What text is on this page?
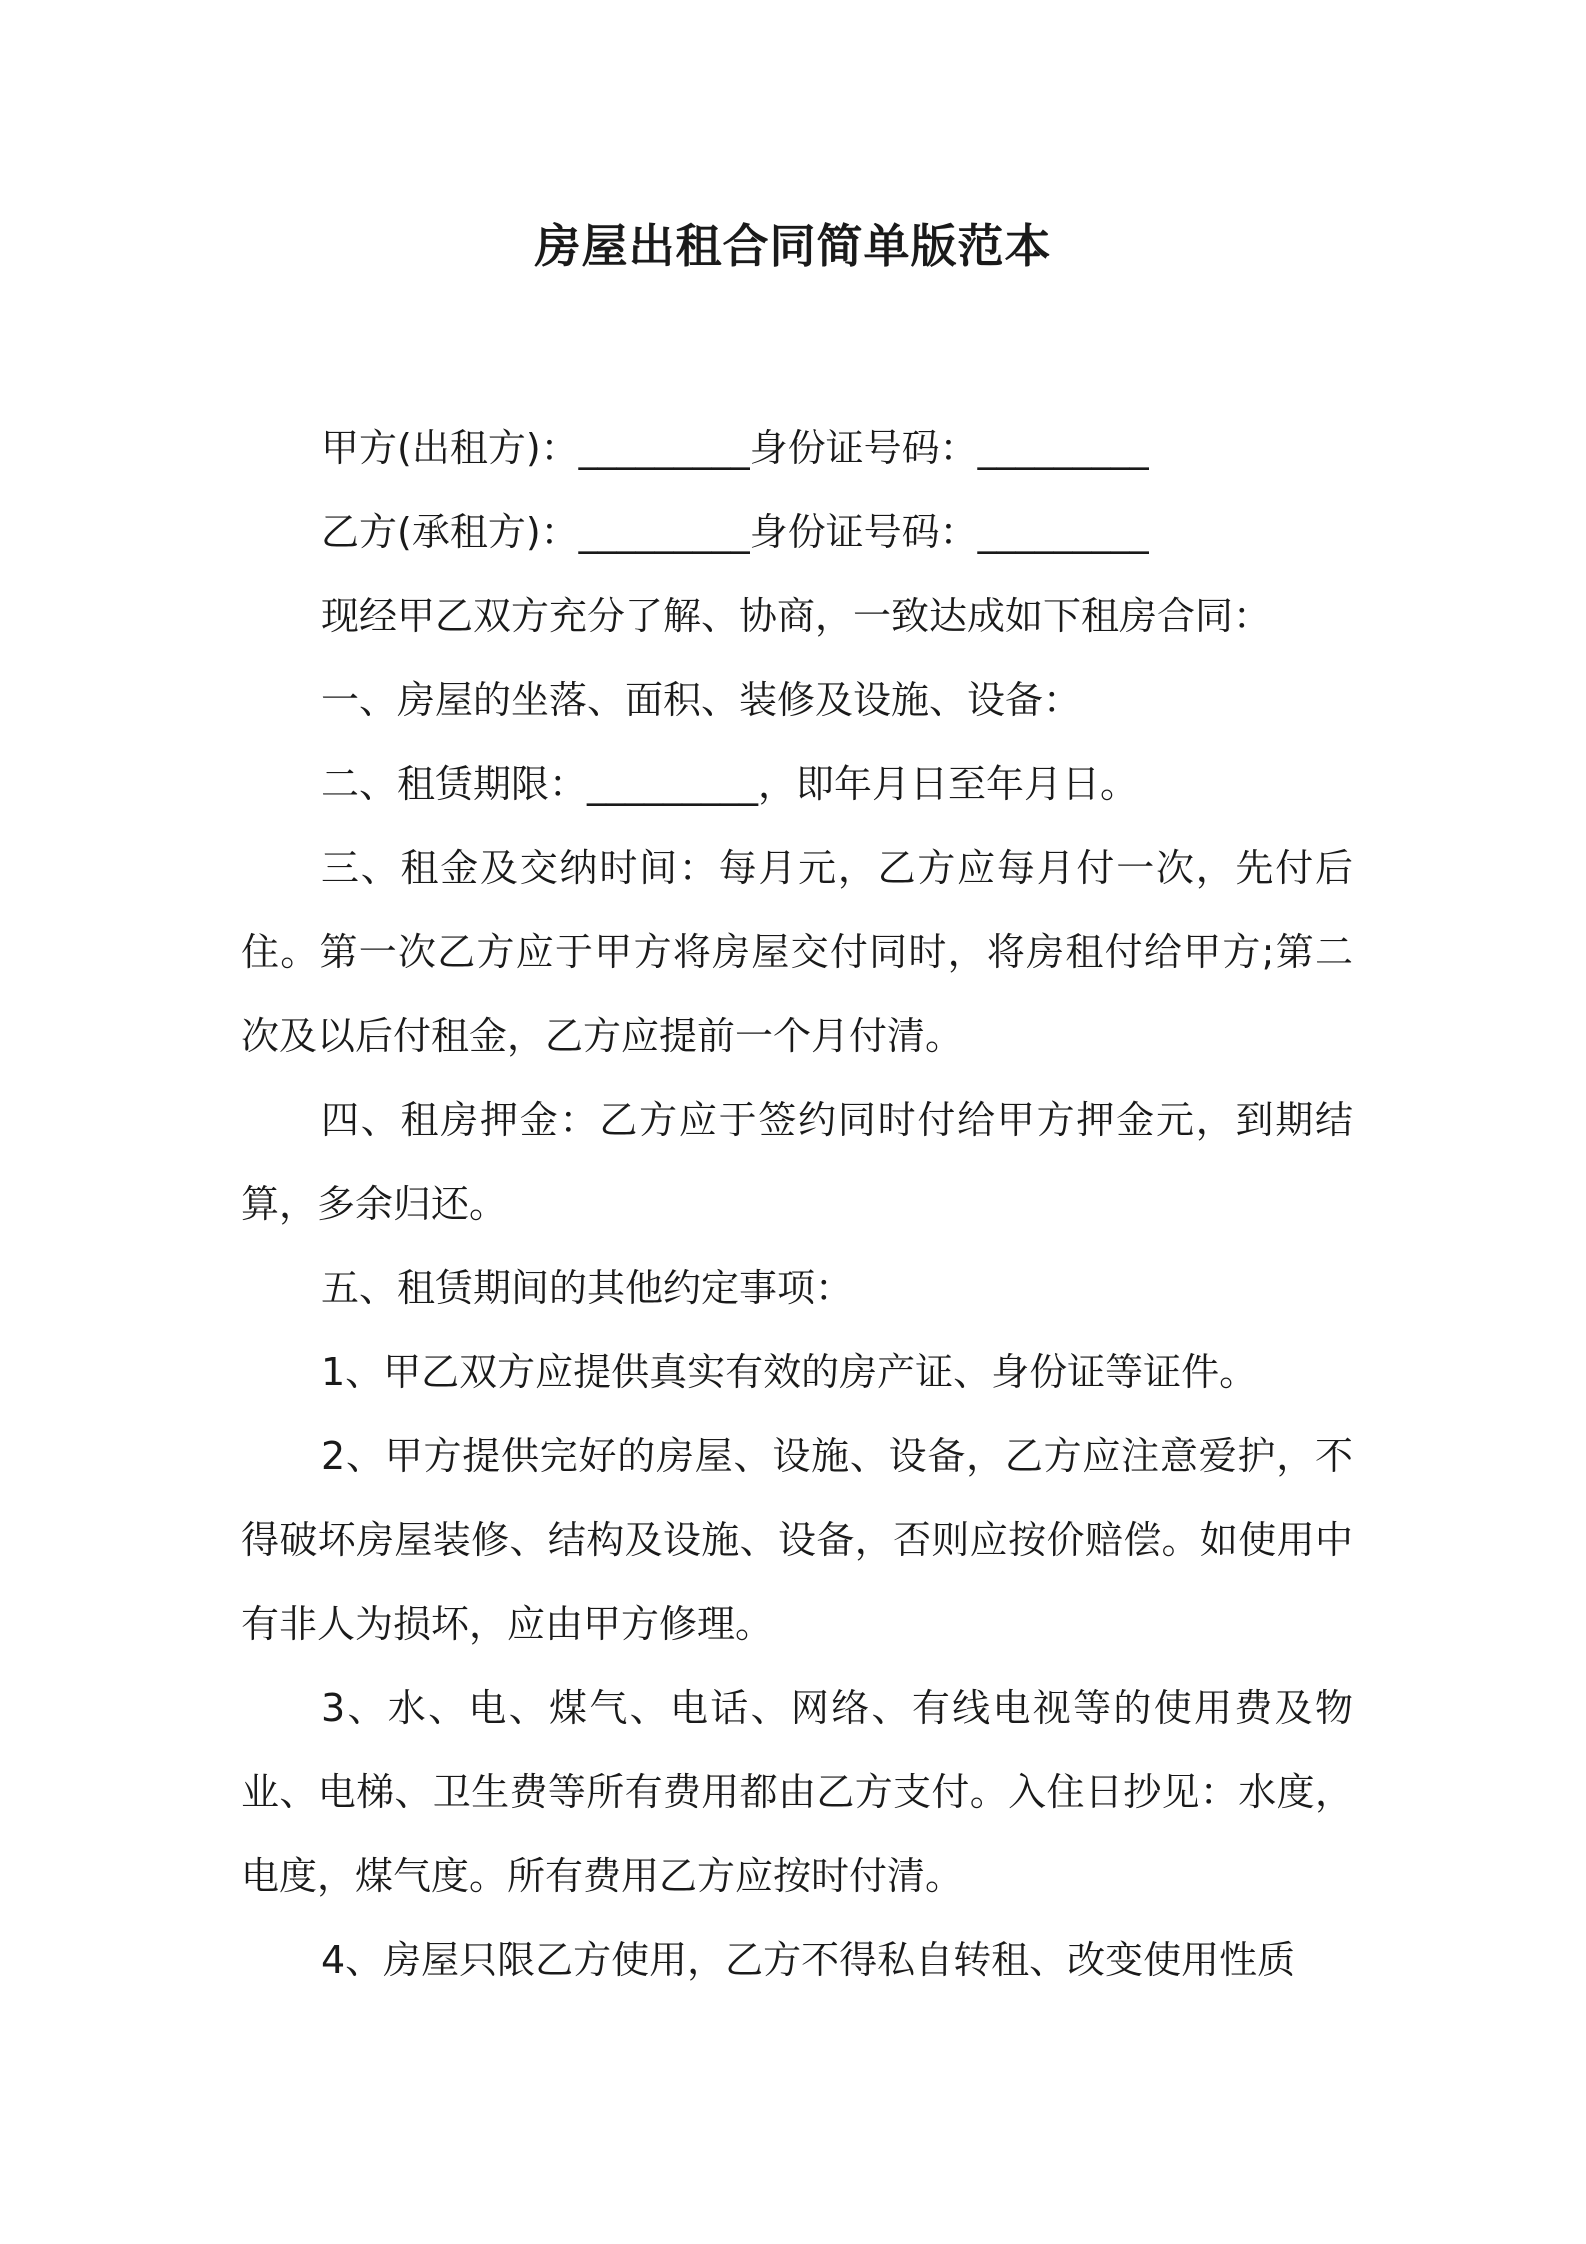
房屋出租合同简单版范本

甲方(出租方)：_________身份证号码：_________

乙方(承租方)：_________身份证号码：_________

现经甲乙双方充分了解、协商，一致达成如下租房合同：

一、房屋的坐落、面积、装修及设施、设备：

二、租赁期限：_________，即年月日至年月日。

三、租金及交纳时间：每月元，乙方应每月付一次，先付后住。第一次乙方应于甲方将房屋交付同时，将房租付给甲方;第二次及以后付租金，乙方应提前一个月付清。

四、租房押金：乙方应于签约同时付给甲方押金元，到期结算，多余归还。

五、租赁期间的其他约定事项：

1、甲乙双方应提供真实有效的房产证、身份证等证件。

2、甲方提供完好的房屋、设施、设备，乙方应注意爱护，不得破坏房屋装修、结构及设施、设备，否则应按价赔偿。如使用中有非人为损坏，应由甲方修理。

3、水、电、煤气、电话、网络、有线电视等的使用费及物业、电梯、卫生费等所有费用都由乙方支付。入住日抄见：水度，电度，煤气度。所有费用乙方应按时付清。

4、房屋只限乙方使用，乙方不得私自转租、改变使用性质
